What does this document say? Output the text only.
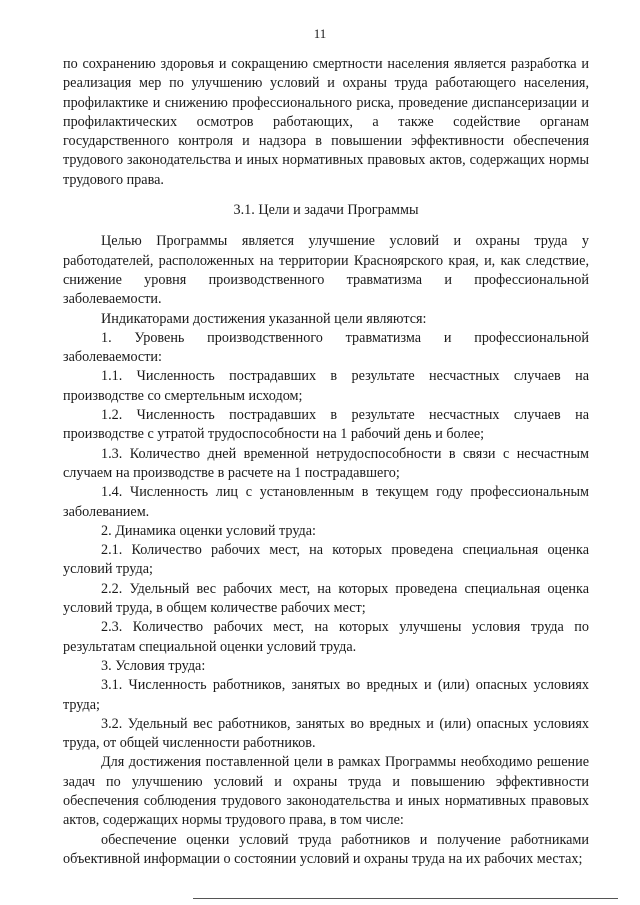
11

по сохранению здоровья и сокращению смертности населения является разработка и реализация мер по улучшению условий и охраны труда работающего населения, профилактике и снижению профессионального риска, проведение диспансеризации и профилактических осмотров работающих, а также содействие органам государственного контроля и надзора в повышении эффективности обеспечения трудового законодательства и иных нормативных правовых актов, содержащих нормы трудового права.

3.1. Цели и задачи Программы

Целью Программы является улучшение условий и охраны труда у работодателей, расположенных на территории Красноярского края, и, как следствие, снижение уровня производственного травматизма и профессиональной заболеваемости.

Индикаторами достижения указанной цели являются:

1. Уровень производственного травматизма и профессиональной заболеваемости:

1.1. Численность пострадавших в результате несчастных случаев на производстве со смертельным исходом;

1.2. Численность пострадавших в результате несчастных случаев на производстве с утратой трудоспособности на 1 рабочий день и более;

1.3. Количество дней временной нетрудоспособности в связи с несчастным случаем на производстве в расчете на 1 пострадавшего;

1.4. Численность лиц с установленным в текущем году профессиональным заболеванием.

2. Динамика оценки условий труда:

2.1. Количество рабочих мест, на которых проведена специальная оценка условий труда;

2.2. Удельный вес рабочих мест, на которых проведена специальная оценка условий труда, в общем количестве рабочих мест;

2.3. Количество рабочих мест, на которых улучшены условия труда по результатам специальной оценки условий труда.

3. Условия труда:

3.1. Численность работников, занятых во вредных и (или) опасных условиях труда;

3.2. Удельный вес работников, занятых во вредных и (или) опасных условиях труда, от общей численности работников.

Для достижения поставленной цели в рамках Программы необходимо решение задач по улучшению условий и охраны труда и повышению эффективности обеспечения соблюдения трудового законодательства и иных нормативных правовых актов, содержащих нормы трудового права, в том числе:

обеспечение оценки условий труда работников и получение работниками объективной информации о состоянии условий и охраны труда на их рабочих местах;
